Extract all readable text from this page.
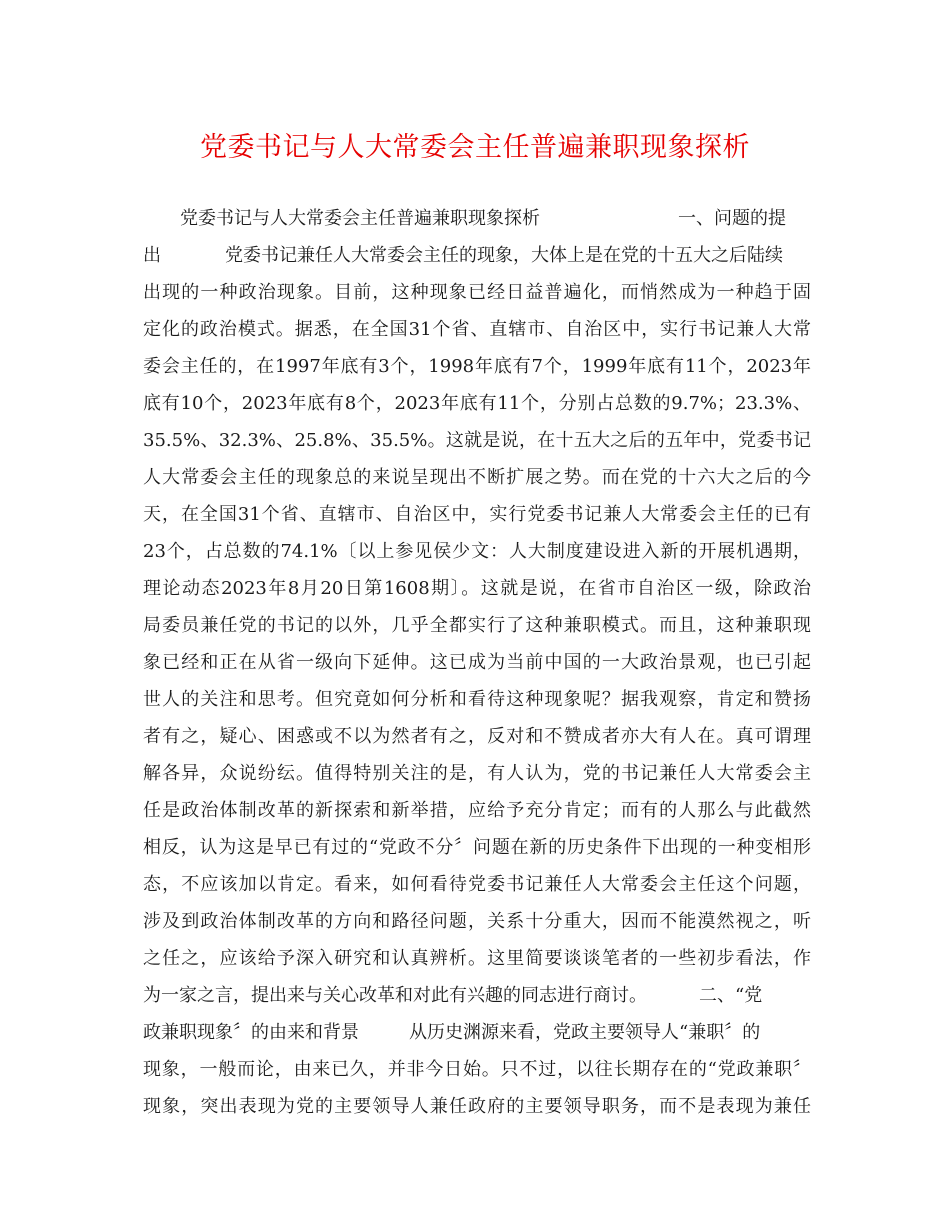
党委书记与人大常委会主任普遍兼职现象探析
党委书记与人大常委会主任普遍兼职现象探析	一、问题的提
出	党委书记兼任人大常委会主任的现象，大体上是在党的十五大之后陆续
出现的一种政治现象。目前，这种现象已经日益普遍化，而悄然成为一种趋于固
定化的政治模式。据悉，在全国31个省、直辖市、自治区中，实行书记兼人大常
委会主任的，在1997年底有3个，1998年底有7个，1999年底有11个，2023年
底有10个，2023年底有8个，2023年底有11个，分别占总数的9.7%；23.3%、
35.5%、32.3%、25.8%、35.5%。这就是说，在十五大之后的五年中，党委书记
人大常委会主任的现象总的来说呈现出不断扩展之势。而在党的十六大之后的今
天，在全国31个省、直辖市、自治区中，实行党委书记兼人大常委会主任的已有
23个，占总数的74.1%〔以上参见侯少文：人大制度建设进入新的开展机遇期，
理论动态2023年8月20日第1608期〕。这就是说，在省市自治区一级，除政治
局委员兼任党的书记的以外，几乎全都实行了这种兼职模式。而且，这种兼职现
象已经和正在从省一级向下延伸。这已成为当前中国的一大政治景观，也已引起
世人的关注和思考。但究竟如何分析和看待这种现象呢？据我观察，肯定和赞扬
者有之，疑心、困惑或不以为然者有之，反对和不赞成者亦大有人在。真可谓理
解各异，众说纷纭。值得特别关注的是，有人认为，党的书记兼任人大常委会主
任是政治体制改革的新探索和新举措，应给予充分肯定；而有的人那么与此截然
相反，认为这是早已有过的“党政不分〞问题在新的历史条件下出现的一种变相形
态，不应该加以肯定。看来，如何看待党委书记兼任人大常委会主任这个问题，
涉及到政治体制改革的方向和路径问题，关系十分重大，因而不能漠然视之，听
之任之，应该给予深入研究和认真辨析。这里简要谈谈笔者的一些初步看法，作
为一家之言，提出来与关心改革和对此有兴趣的同志进行商讨。	二、“党
政兼职现象〞的由来和背景	从历史渊源来看，党政主要领导人“兼职〞的
现象，一般而论，由来已久，并非今日始。只不过，以往长期存在的“党政兼职〞
现象，突出表现为党的主要领导人兼任政府的主要领导职务，而不是表现为兼任
